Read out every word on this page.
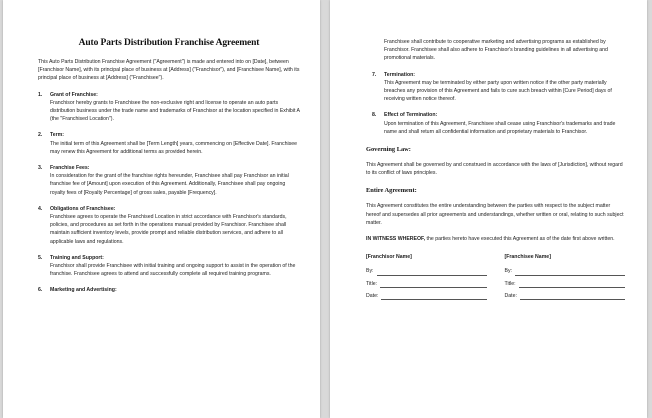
Auto Parts Distribution Franchise Agreement

This Auto Parts Distribution Franchise Agreement ("Agreement") is made and entered into on [Date], between [Franchisor Name], with its principal place of business at [Address] ("Franchisor"), and [Franchisee Name], with its principal place of business at [Address] ("Franchisee").

1.	Grant of Franchise:

Franchisor hereby grants to Franchisee the non-exclusive right and license to operate an auto parts distribution business under the trade name and trademarks of Franchisor at the location specified in Exhibit A (the "Franchised Location").

2.	Term:

The initial term of this Agreement shall be [Term Length] years, commencing on [Effective Date]. Franchisee may renew this Agreement for additional terms as provided herein.

3.	Franchise Fees:

In consideration for the grant of the franchise rights hereunder, Franchisee shall pay Franchisor an initial franchise fee of [Amount] upon execution of this Agreement. Additionally, Franchisee shall pay ongoing royalty fees of [Royalty Percentage] of gross sales, payable [Frequency].

4.	Obligations of Franchisee:

Franchisee agrees to operate the Franchised Location in strict accordance with Franchisor's standards, policies, and procedures as set forth in the operations manual provided by Franchisor. Franchisee shall maintain sufficient inventory levels, provide prompt and reliable distribution services, and adhere to all applicable laws and regulations.

5.	Training and Support:

Franchisor shall provide Franchisee with initial training and ongoing support to assist in the operation of the franchise. Franchisee agrees to attend and successfully complete all required training programs.

6.	Marketing and Advertising:

Franchisee shall contribute to cooperative marketing and advertising programs as established by Franchisor. Franchisee shall also adhere to Franchisor's branding guidelines in all advertising and promotional materials.

7.	Termination:

This Agreement may be terminated by either party upon written notice if the other party materially breaches any provision of this Agreement and fails to cure such breach within [Cure Period] days of receiving written notice thereof.

8.	Effect of Termination:

Upon termination of this Agreement, Franchisee shall cease using Franchisor's trademarks and trade name and shall return all confidential information and proprietary materials to Franchisor.

Governing Law:

This Agreement shall be governed by and construed in accordance with the laws of [Jurisdiction], without regard to its conflict of laws principles.

Entire Agreement:

This Agreement constitutes the entire understanding between the parties with respect to the subject matter hereof and supersedes all prior agreements and understandings, whether written or oral, relating to such subject matter.

IN WITNESS WHEREOF, the parties hereto have executed this Agreement as of the date first above written.

[Franchisor Name]
By:
Title:
Date:
[Franchisee Name]
By:
Title:
Date:
